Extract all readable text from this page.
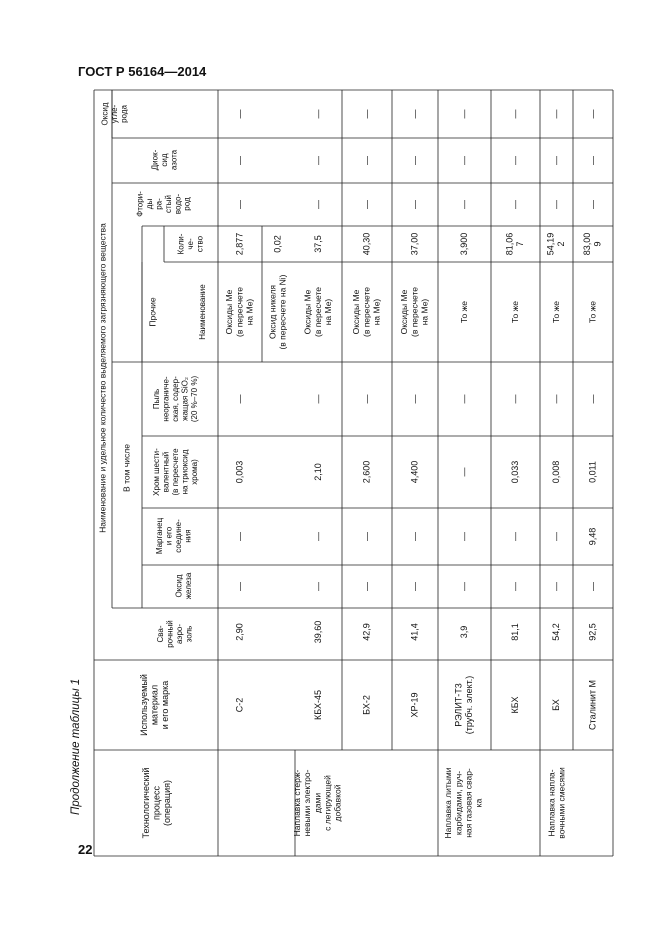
ГОСТ Р 56164—2014
Продолжение таблицы 1
22
Технологический процесс (операция)
Используемый материал и его марка
Сва- рочный аэро- золь
Наименование и удельное количество выделяемого загрязняющего вещества В том числе
Оксид железа
Марганец и его соедине- ния
Хром шести- валентный (в пересчете на триоксид хрома)
Пыль неорганиче- ская, содер- жащая SiO₂ (20 %–70 %)
Прочие	Наименование
Коли- че- ство
Фтори- ды ра- стый водо- род
Диок- сид азота
Оксид угле- рода
С-2
2,90
—
—
0,003
—
Оксиды Ме (в пересчете на Ме)
2,877
Оксид никеля (в пересчете на Ni)
0,02
—
—
—
Наплавка стерж- невыми электро- дами с легирующей добавкой
КБХ-45
39,60
—
—
2,10
—
Оксиды Ме (в пересчете на Ме)
37,5
—
—
—
БХ-2
42,9
—
—
2,600
—
Оксиды Ме (в пересчете на Ме)
40,30
—
—
—
ХР-19
41,4
—
—
4,400
—
Оксиды Ме (в пересчете на Ме)
37,00
—
—
—
Наплавка литыми карбидами, руч- ная газовая свар- ка
РЭЛИТ-Т3 (трубч. элект.)
3,9
—
—
—
—
То же
3,900
—
—
—
КБХ
81,1
—
—
0,033
—
То же
81,06 7
—
—
—
Наплавка напла- вочными смесями
БХ
54,2
—
—
0,008
—
То же
54,19 2
—
—
—
Сталинит М
92,5
—
9,48
0,011
—
То же
83,00 9
—
—
—
